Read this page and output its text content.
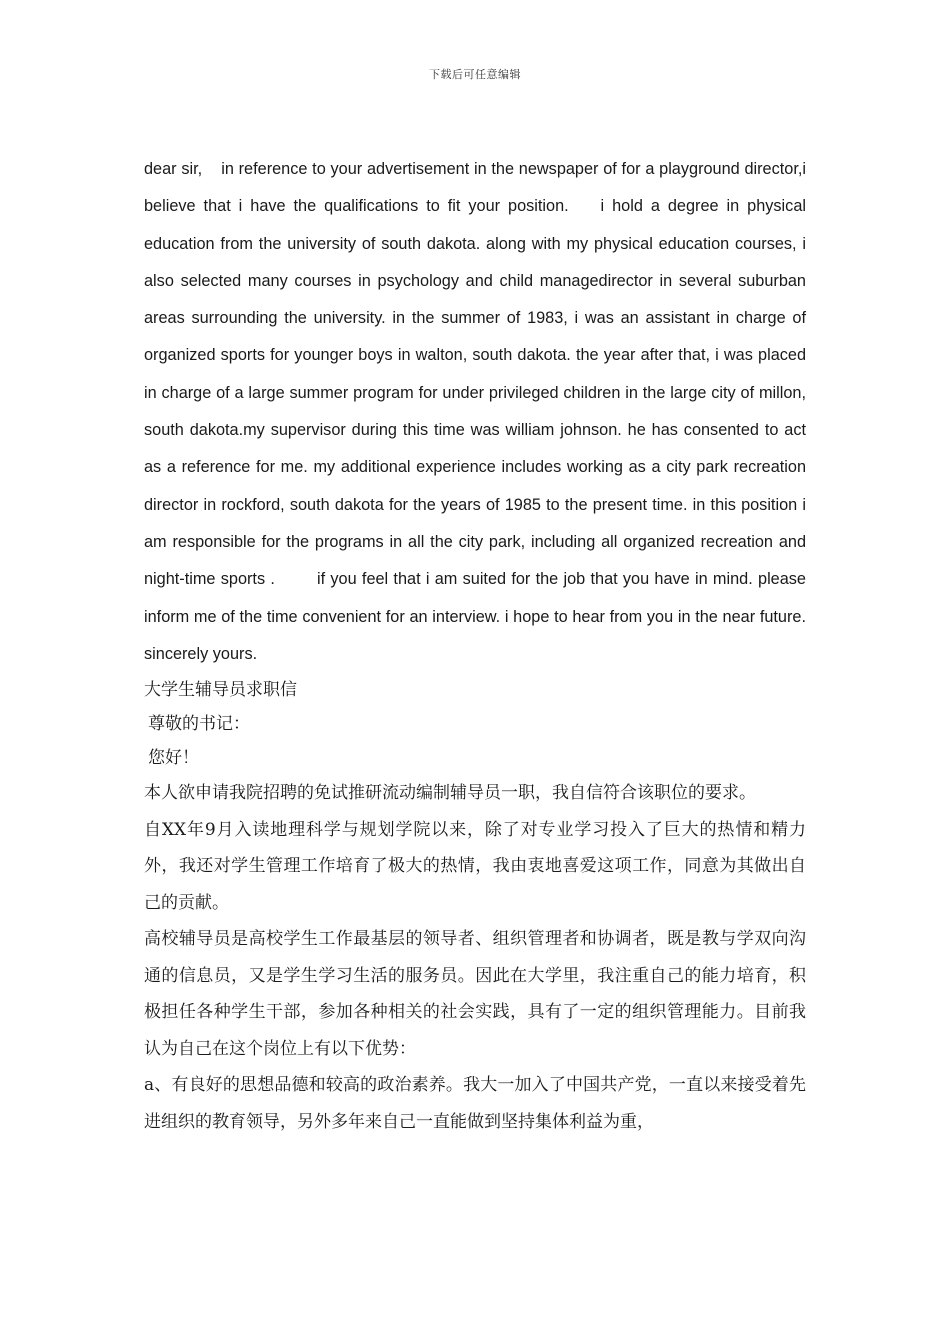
下载后可任意编辑

dear sir,    in reference to your advertisement in the newspaper of for a playground director,i believe that i have the qualifications to fit your position.    i hold a degree in physical education from the university of south dakota. along with my physical education courses, i also selected many courses in psychology and child managedirector in several suburban areas surrounding the university. in the summer of 1983, i was an assistant in charge of    organized sports for younger boys in walton, south dakota. the year after that, i was placed in charge of a large summer program for under privileged children in the large city of millon, south dakota.my supervisor during this time was william johnson. he has consented to act as a reference for me. my additional experience includes working as a city park recreation director in rockford, south dakota for the years of 1985 to the present time. in this position i am responsible for the programs in all the city park, including all organized recreation and night-time sports .        if you feel that i am suited for the job that you have in mind. please inform me of the time convenient for an interview. i hope to hear from you in the near future.    sincerely yours.

大学生辅导员求职信

尊敬的书记：

您好！

本人欲申请我院招聘的免试推研流动编制辅导员一职，我自信符合该职位的要求。

自XX年9月入读地理科学与规划学院以来，除了对专业学习投入了巨大的热情和精力外，我还对学生管理工作培育了极大的热情，我由衷地喜爱这项工作，同意为其做出自己的贡献。

高校辅导员是高校学生工作最基层的领导者、组织管理者和协调者，既是教与学双向沟通的信息员，又是学生学习生活的服务员。因此在大学里，我注重自己的能力培育，积极担任各种学生干部，参加各种相关的社会实践，具有了一定的组织管理能力。目前我认为自己在这个岗位上有以下优势：

a、有良好的思想品德和较高的政治素养。我大一加入了中国共产党，一直以来接受着先进组织的教育领导，另外多年来自己一直能做到坚持集体利益为重，
